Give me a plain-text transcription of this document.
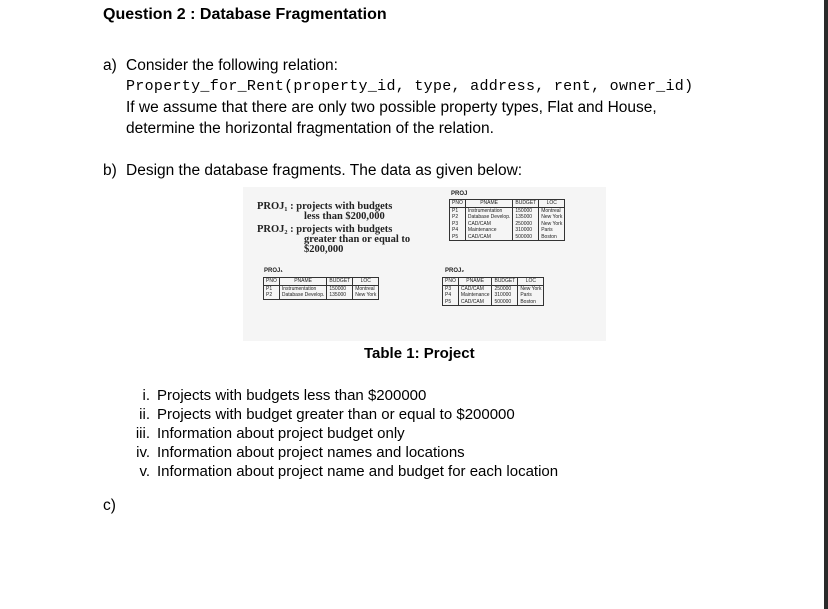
Question 2 : Database Fragmentation
a) Consider the following relation:
Property_for_Rent(property_id, type, address, rent, owner_id)
If we assume that there are only two possible property types, Flat and House,
determine the horizontal fragmentation of the relation.
b) Design the database fragments. The data as given below:
PROJ₁ : projects with budgets
less than $200,000
PROJ₂ : projects with budgets
greater than or equal to
$200,000
PROJ
PNO	PNAME	BUDGET	LOC
P1	Instrumentation	150000	Montreal
P2	Database Develop.	135000	New York
P3	CAD/CAM	250000	New York
P4	Maintenance	310000	Paris
P5	CAD/CAM	500000	Boston
PROJ₁
PNO	PNAME	BUDGET	LOC
P1	Instrumentation	150000	Montreal
P2	Database Develop.	135000	New York
PROJ₂
PNO	PNAME	BUDGET	LOC
P3	CAD/CAM	250000	New York
P4	Maintenance	310000	Paris
P5	CAD/CAM	500000	Boston
Table 1: Project
i. Projects with budgets less than $200000
ii. Projects with budget greater than or equal to $200000
iii. Information about project budget only
iv. Information about project names and locations
v. Information about project name and budget for each location
c)
